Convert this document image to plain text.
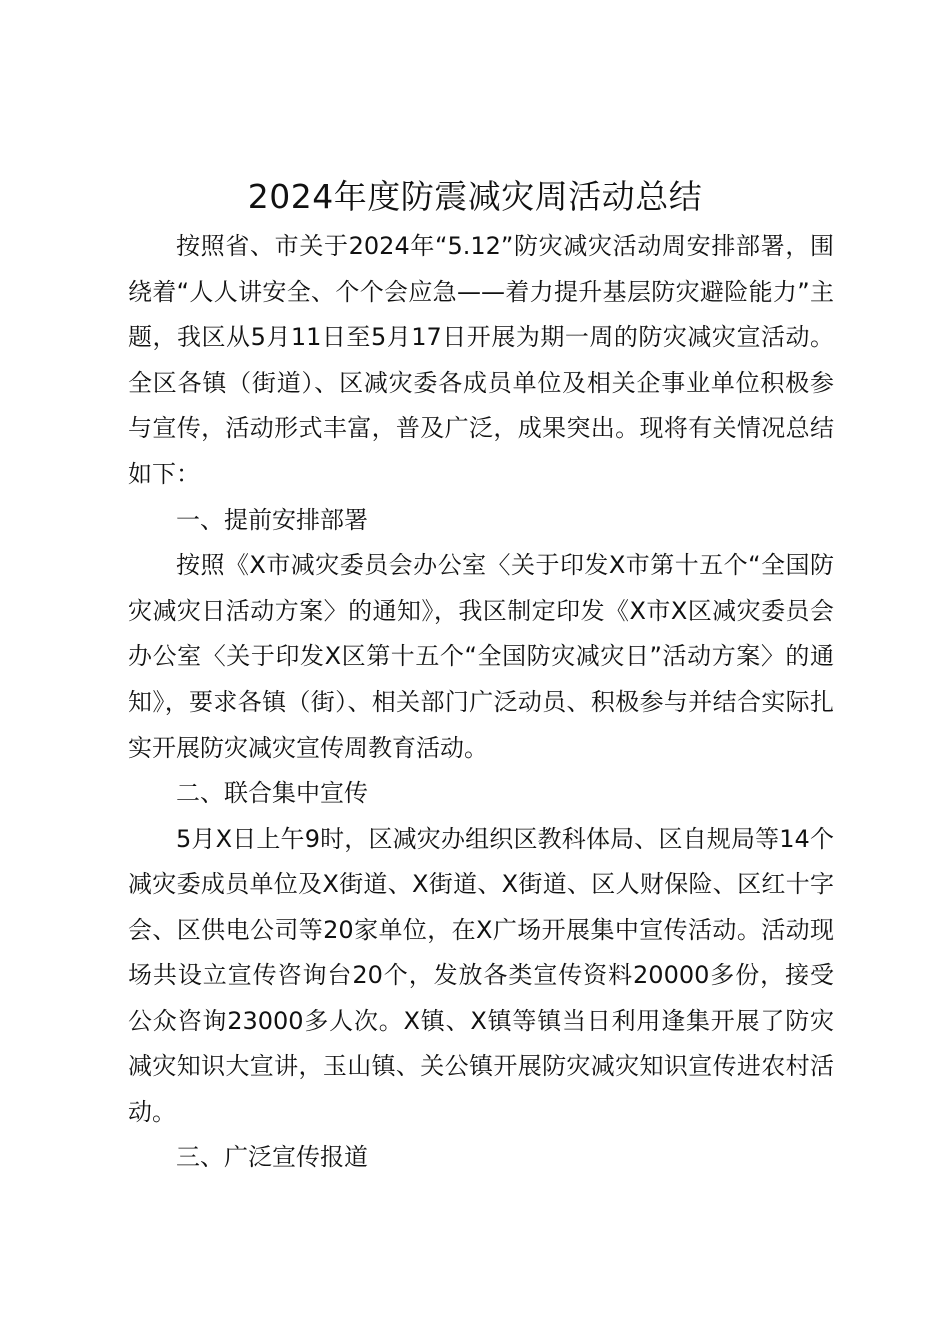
2024年度防震减灾周活动总结

按照省、市关于2024年“5.12”防灾减灾活动周安排部署，围绕着“人人讲安全、个个会应急——着力提升基层防灾避险能力”主题，我区从5月11日至5月17日开展为期一周的防灾减灾宣活动。全区各镇（街道）、区减灾委各成员单位及相关企事业单位积极参与宣传，活动形式丰富，普及广泛，成果突出。现将有关情况总结如下：

一、提前安排部署

按照《X市减灾委员会办公室〈关于印发X市第十五个“全国防灾减灾日活动方案〉的通知》，我区制定印发《X市X区减灾委员会办公室〈关于印发X区第十五个“全国防灾减灾日”活动方案〉的通知》，要求各镇（街）、相关部门广泛动员、积极参与并结合实际扎实开展防灾减灾宣传周教育活动。

二、联合集中宣传

5月X日上午9时，区减灾办组织区教科体局、区自规局等14个减灾委成员单位及X街道、X街道、X街道、区人财保险、区红十字会、区供电公司等20家单位，在X广场开展集中宣传活动。活动现场共设立宣传咨询台20个，发放各类宣传资料20000多份，接受公众咨询23000多人次。X镇、X镇等镇当日利用逢集开展了防灾减灾知识大宣讲，玉山镇、关公镇开展防灾减灾知识宣传进农村活动。

三、广泛宣传报道
